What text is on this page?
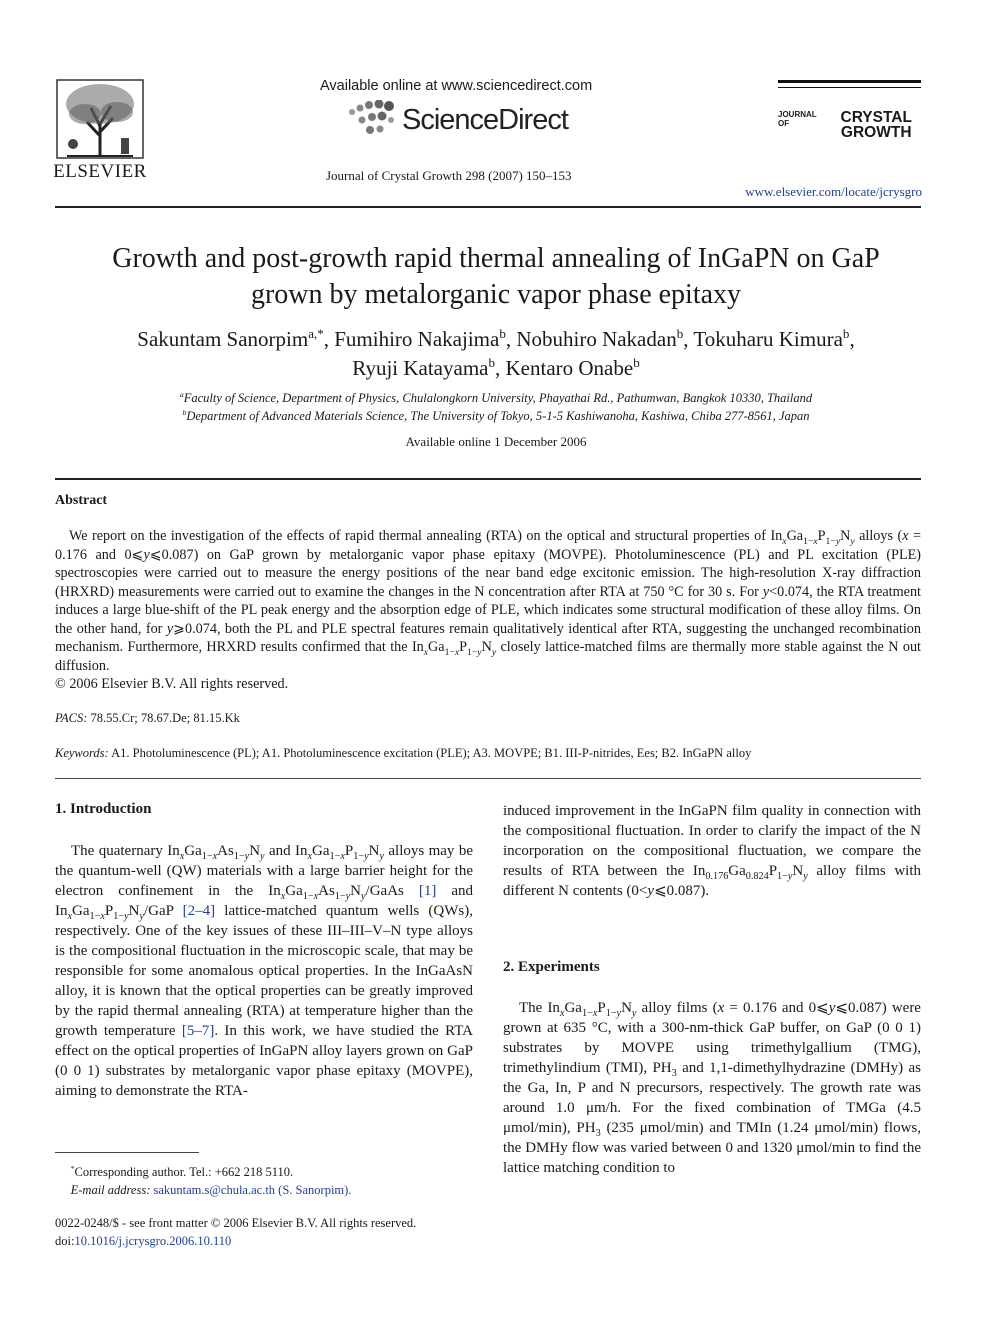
ELSEVIER
Available online at www.sciencedirect.com
ScienceDirect
Journal of Crystal Growth 298 (2007) 150–153
JOURNAL OF	CRYSTAL GROWTH
www.elsevier.com/locate/jcrysgro
Growth and post-growth rapid thermal annealing of InGaPN on GaP
grown by metalorganic vapor phase epitaxy
Sakuntam Sanorpim$^{a,*}$, Fumihiro Nakajima$^b$, Nobuhiro Nakadan$^b$, Tokuharu Kimura$^b$,
Ryuji Katayama$^b$, Kentaro Onabe$^b$
$^a$Faculty of Science, Department of Physics, Chulalongkorn University, Phayathai Rd., Pathumwan, Bangkok 10330, Thailand
$^b$Department of Advanced Materials Science, The University of Tokyo, 5-1-5 Kashiwanoha, Kashiwa, Chiba 277-8561, Japan
Available online 1 December 2006
Abstract
We report on the investigation of the effects of rapid thermal annealing (RTA) on the optical and structural properties of $In_xGa_{1-x}P_{1-y}N_y$ alloys (x = 0.176 and 0⩽y⩽0.087) on GaP grown by metalorganic vapor phase epitaxy (MOVPE). Photoluminescence (PL) and PL excitation (PLE) spectroscopies were carried out to measure the energy positions of the near band edge excitonic emission. The high-resolution X-ray diffraction (HRXRD) measurements were carried out to examine the changes in the N concentration after RTA at 750 °C for 30 s. For y<0.074, the RTA treatment induces a large blue-shift of the PL peak energy and the absorption edge of PLE, which indicates some structural modification of these alloy films. On the other hand, for y⩾0.074, both the PL and PLE spectral features remain qualitatively identical after RTA, suggesting the unchanged recombination mechanism. Furthermore, HRXRD results confirmed that the $In_xGa_{1-x}P_{1-y}N_y$ closely lattice-matched films are thermally more stable against the N out diffusion.
© 2006 Elsevier B.V. All rights reserved.
PACS: 78.55.Cr; 78.67.De; 81.15.Kk
Keywords: A1. Photoluminescence (PL); A1. Photoluminescence excitation (PLE); A3. MOVPE; B1. III-P-nitrides, Ees; B2. InGaPN alloy
1. Introduction

The quaternary $In_xGa_{1-x}As_{1-y}N_y$ and $In_xGa_{1-x}P_{1-y}N_y$ alloys may be the quantum-well (QW) materials with a large barrier height for the electron confinement in the $In_xGa_{1-x}As_{1-y}N_y$/GaAs [1] and $In_xGa_{1-x}P_{1-y}N_y$/GaP [2–4] lattice-matched quantum wells (QWs), respectively. One of the key issues of these III–III–V–N type alloys is the compositional fluctuation in the microscopic scale, that may be responsible for some anomalous optical properties. In the InGaAsN alloy, it is known that the optical properties can be greatly improved by the rapid thermal annealing (RTA) at temperature higher than the growth temperature [5–7]. In this work, we have studied the RTA effect on the optical properties of InGaPN alloy layers grown on GaP (0 0 1) substrates by metalorganic vapor phase epitaxy (MOVPE), aiming to demonstrate the RTA-

*Corresponding author. Tel.: +662 218 5110.
E-mail address: sakuntam.s@chula.ac.th (S. Sanorpim).
0022-0248/$ - see front matter © 2006 Elsevier B.V. All rights reserved.
doi:10.1016/j.jcrysgro.2006.10.110

induced improvement in the InGaPN film quality in connection with the compositional fluctuation. In order to clarify the impact of the N incorporation on the compositional fluctuation, we compare the results of RTA between the $In_{0.176}Ga_{0.824}P_{1-y}N_y$ alloy films with different N contents (0<y⩽0.087).

2. Experiments

The $In_xGa_{1-x}P_{1-y}N_y$ alloy films (x = 0.176 and 0⩽y⩽0.087) were grown at 635 °C, with a 300-nm-thick GaP buffer, on GaP (0 0 1) substrates by MOVPE using trimethylgallium (TMG), trimethylindium (TMI), $PH_3$ and 1,1-dimethylhydrazine (DMHy) as the Ga, In, P and N precursors, respectively. The growth rate was around 1.0 μm/h. For the fixed combination of TMGa (4.5 μmol/min), $PH_3$ (235 μmol/min) and TMIn (1.24 μmol/min) flows, the DMHy flow was varied between 0 and 1320 μmol/min to find the lattice matching condition to
